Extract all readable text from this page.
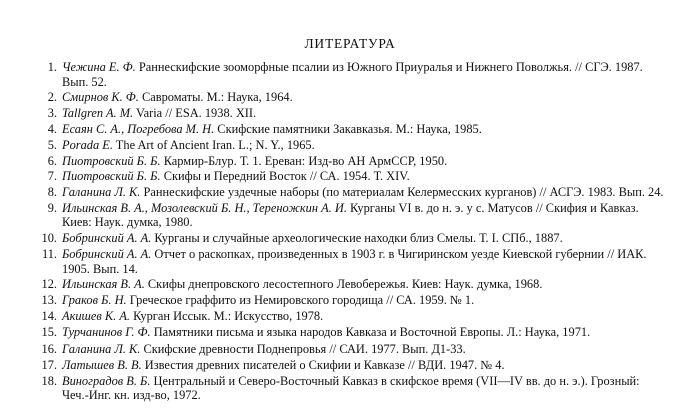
ЛИТЕРАТУРА
1. Чежина Е. Ф. Раннескифские зооморфные псалии из Южного Приуралья и Нижнего Поволжья. // СГЭ. 1987. Вып. 52.
2. Смирнов К. Ф. Савроматы. М.: Наука, 1964.
3. Tallgren A. M. Varia // ESA. 1938. XII.
4. Есаян С. А., Погребова М. Н. Скифские памятники Закавказья. М.: Наука, 1985.
5. Porada E. The Art of Ancient Iran. L.; N. Y., 1965.
6. Пиотровский Б. Б. Кармир-Блур. Т. 1. Ереван: Изд-во АН АрмССР, 1950.
7. Пиотровский Б. Б. Скифы и Передний Восток // СА. 1954. Т. XIV.
8. Галанина Л. К. Раннескифские уздечные наборы (по материалам Келермесских курганов) // АСГЭ. 1983. Вып. 24.
9. Ильинская В. А., Мозолевский Б. Н., Тереножкин А. И. Курганы VI в. до н. э. у с. Матусов // Скифия и Кавказ. Киев: Наук. думка, 1980.
10. Бобринский А. А. Курганы и случайные археологические находки близ Смелы. Т. I. СПб., 1887.
11. Бобринский А. А. Отчет о раскопках, произведенных в 1903 г. в Чигиринском уезде Киевской губернии // ИАК. 1905. Вып. 14.
12. Ильинская В. А. Скифы днепровского лесостепного Левобережья. Киев: Наук. думка, 1968.
13. Граков Б. Н. Греческое граффито из Немировского городища // СА. 1959. № 1.
14. Акишев К. А. Курган Иссык. М.: Искусство, 1978.
15. Турчанинов Г. Ф. Памятники письма и языка народов Кавказа и Восточной Европы. Л.: Наука, 1971.
16. Галанина Л. К. Скифские древности Поднепровья // САИ. 1977. Вып. Д1-33.
17. Латышев В. В. Известия древних писателей о Скифии и Кавказе // ВДИ. 1947. № 4.
18. Виноградов В. Б. Центральный и Северо-Восточный Кавказ в скифское время (VII—IV вв. до н. э.). Грозный: Чеч.-Инг. кн. изд-во, 1972.
